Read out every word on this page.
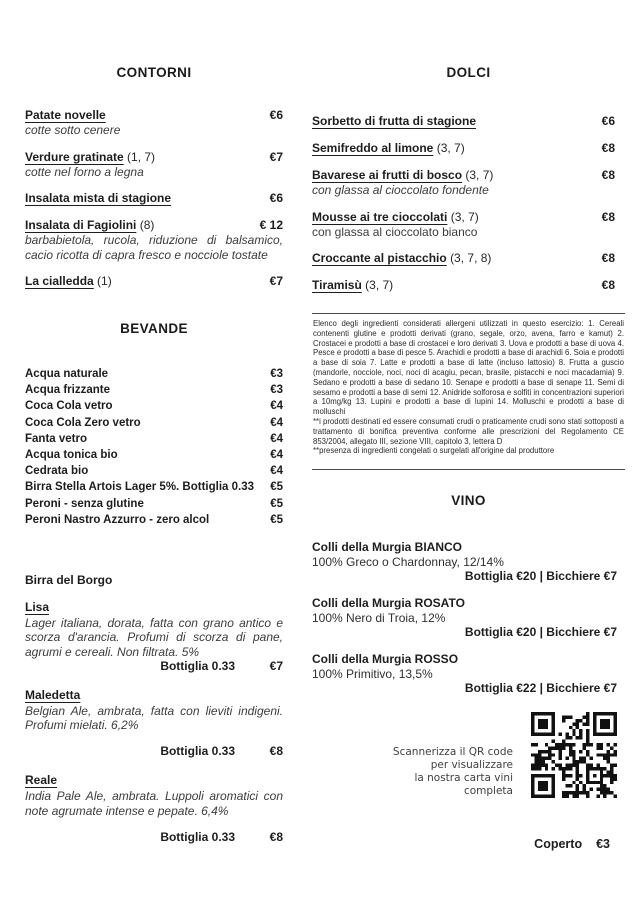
CONTORNI
Patate novelle	€6

cotte sotto cenere

Verdure gratinate (1, 7)	€7

cotte nel forno a legna

Insalata mista di stagione	€6
Insalata di Fagiolini (8)	€ 12

barbabietola, rucola, riduzione di balsamico, cacio ricotta di capra fresco e nocciole tostate

La cialledda (1)	€7
BEVANDE
Acqua naturale	€3
Acqua frizzante	€3
Coca Cola vetro	€4
Coca Cola Zero vetro	€4
Fanta vetro	€4
Acqua tonica bio	€4
Cedrata bio	€4
Birra Stella Artois Lager 5%. Bottiglia 0.33 €5
Peroni - senza glutine	€5
Peroni Nastro Azzurro - zero alcol	€5
Birra del Borgo
Lisa

Lager italiana, dorata, fatta con grano antico e scorza d'arancia. Profumi di scorza di pane, agrumi e cereali. Non filtrata. 5%

Bottiglia 0.33	€7
Maledetta

Belgian Ale, ambrata, fatta con lieviti indigeni. Profumi mielati. 6,2%

Bottiglia 0.33	€8
Reale

India Pale Ale, ambrata. Luppoli aromatici con note agrumate intense e pepate. 6,4%

Bottiglia 0.33	€8
DOLCI
Sorbetto di frutta di stagione	€6
Semifreddo al limone (3, 7)	€8
Bavarese ai frutti di bosco (3, 7)	€8

con glassa al cioccolato fondente

Mousse ai tre cioccolati (3, 7)	€8

con glassa al cioccolato bianco

Croccante al pistacchio (3, 7, 8)	€8
Tiramisù (3, 7)	€8

Elenco degli ingredienti considerati allergeni utilizzati in questo esercizio: 1. Cereali contenenti glutine e prodotti derivati (grano, segale, orzo, avena, farro e kamut) 2. Crostacei e prodotti a base di crostacei e loro derivati 3. Uova e prodotti a base di uova 4. Pesce e prodotti a base di pesce 5. Arachidi e prodotti a base di arachidi 6. Soia e prodotti a base di soia 7. Latte e prodotti a base di latte (incluso lattosio) 8. Frutta a guscio (mandorle, nocciole, noci, noci di acagiu, pecan, brasile, pistacchi e noci macadamia) 9. Sedano e prodotti a base di sedano 10. Senape e prodotti a base di senape 11. Semi di sesamo e prodotti a base di semi 12. Anidride solforosa e solfiti in concentrazioni superiori a 10mg/kg 13. Lupini e prodotti a base di lupini 14. Molluschi e prodotti a base di molluschi

**i prodotti destinati ed essere consumati crudi o praticamente crudi sono stati sottoposti a trattamento di bonifica preventiva conforme alle prescrizioni del Regolamento CE 853/2004, allegato III, sezione VIII, capitolo 3, lettera D

**presenza di ingredienti congelati o surgelati all'origine dal produttore

VINO
Colli della Murgia BIANCO
100% Greco o Chardonnay, 12/14%
Bottiglia €20 | Bicchiere €7
Colli della Murgia ROSATO
100% Nero di Troia, 12%
Bottiglia €20 | Bicchiere €7
Colli della Murgia ROSSO
100% Primitivo, 13,5%
Bottiglia €22 | Bicchiere €7
Scannerizza il QR code
per visualizzare
la nostra carta vini
completa
Coperto €3
